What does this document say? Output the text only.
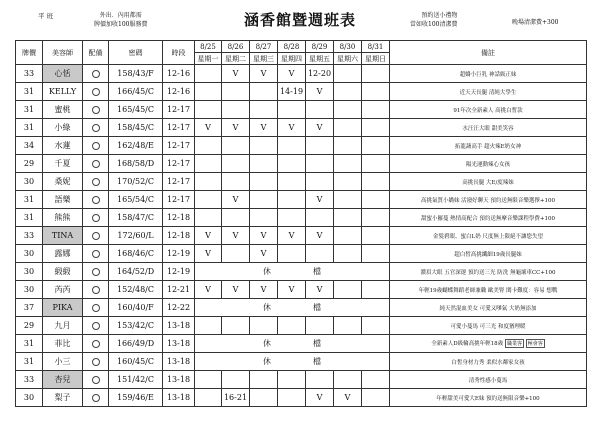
平 班	外出．內用都需
牌價加收100服務費	涵香館暨週班表	預約送小禮物
當如收100清潔費	晚場清潔費+300
牌價	美容師	配備	密碼	時段	8/25	8/26	8/27	8/28	8/29	8/30	8/31	備註
					星期一	星期二	星期三	星期四	星期五	星期六	星期日	
33	心恬		158/43/F	12-16		V	V	V	12-20			超嬌小巨乳 神話級正妹
31	KELLY		166/45/C	12-16				14-19	V			近天天長腿 清純大學生
31	蜜桃		165/45/C	12-17								91年次全新素人 高挑白皙款
31	小綠		158/45/C	12-17	V	V	V	V	V			水汪汪大眼 甜美笑容
34	水蓮		162/48/E	12-17								拓龍蔬高手 超火辣E奶女神
29	千夏		168/58/D	12-17								陽光運動辣心女孩
30	桑妮		170/52/C	12-17								高挑長腿 大E/度辣妹
31	語樂		165/54/C	12-17		V			V			高挑氣質小嬌妹 活潑好聊天 預約送無限音樂選擇+100
31	熊熊		158/47/C	12-18								甜蜜小羅蔓 熱情高配合 預約送無摩音樂課程學費+100
33	TINA		172/60/L	12-18	V	V	V	V	V			金髮碧眼、蜜白L奶 尺度無上限絕不讓您失望
30	露娜		168/46/C	12-19	V		V					超白皙高挑纖細19歲長腿妹
30	緞緞		164/52/D	12-19	休 檔							濃眉大眼 五官深邃 預約送三光 防洗 無龜壞車CC+100
30	芮芮		152/48/C	12-21	V	V	V	V	V			年輕19歲蝴蝶舞蹈老師兼職 歐美腎 閨卡難度：容易 想戰
37	PIKA		160/40/F	12-22	休 檔							純天然混血美女 可愛又嗲氣 大奶無添加
29	九月		153/42/C	13-18								可愛小蔓馬 可三光 和度猶理暖
31	菲比		166/49/D	13-18	休 檔							全新素人D級輪高挑年輕18歲 職業客 極會客
31	小三		160/45/C	13-18	休 檔							白皙身材力秀 柔似水鄰家女孩
33	杏兒		151/42/C	13-18								清秀性感小蔓馬
30	梨子		159/46/E	13-18		16-21			V	V		年輕甜美可愛大E妹 預約送無限音樂+100
